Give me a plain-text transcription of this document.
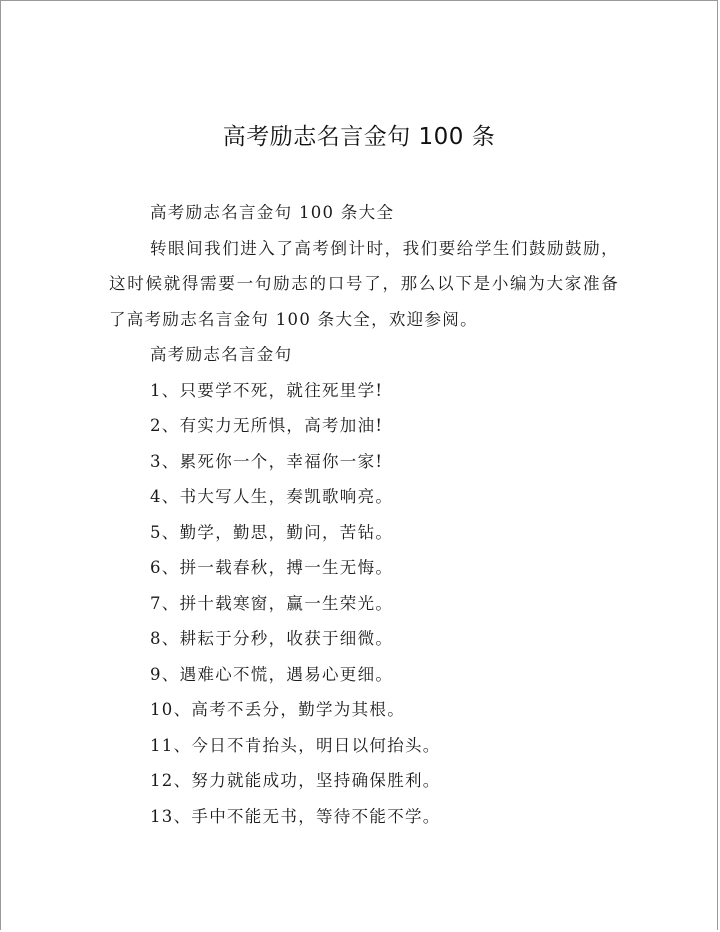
高考励志名言金句 100 条

高考励志名言金句 100 条大全

转眼间我们进入了高考倒计时，我们要给学生们鼓励鼓励，这时候就得需要一句励志的口号了，那么以下是小编为大家准备了高考励志名言金句 100 条大全，欢迎参阅。

高考励志名言金句

1、只要学不死，就往死里学!
2、有实力无所惧，高考加油!
3、累死你一个，幸福你一家!
4、书大写人生，奏凯歌响亮。
5、勤学，勤思，勤问，苦钻。
6、拼一载春秋，搏一生无悔。
7、拼十载寒窗，赢一生荣光。
8、耕耘于分秒，收获于细微。
9、遇难心不慌，遇易心更细。
10、高考不丢分，勤学为其根。
11、今日不肯抬头，明日以何抬头。
12、努力就能成功，坚持确保胜利。
13、手中不能无书，等待不能不学。
